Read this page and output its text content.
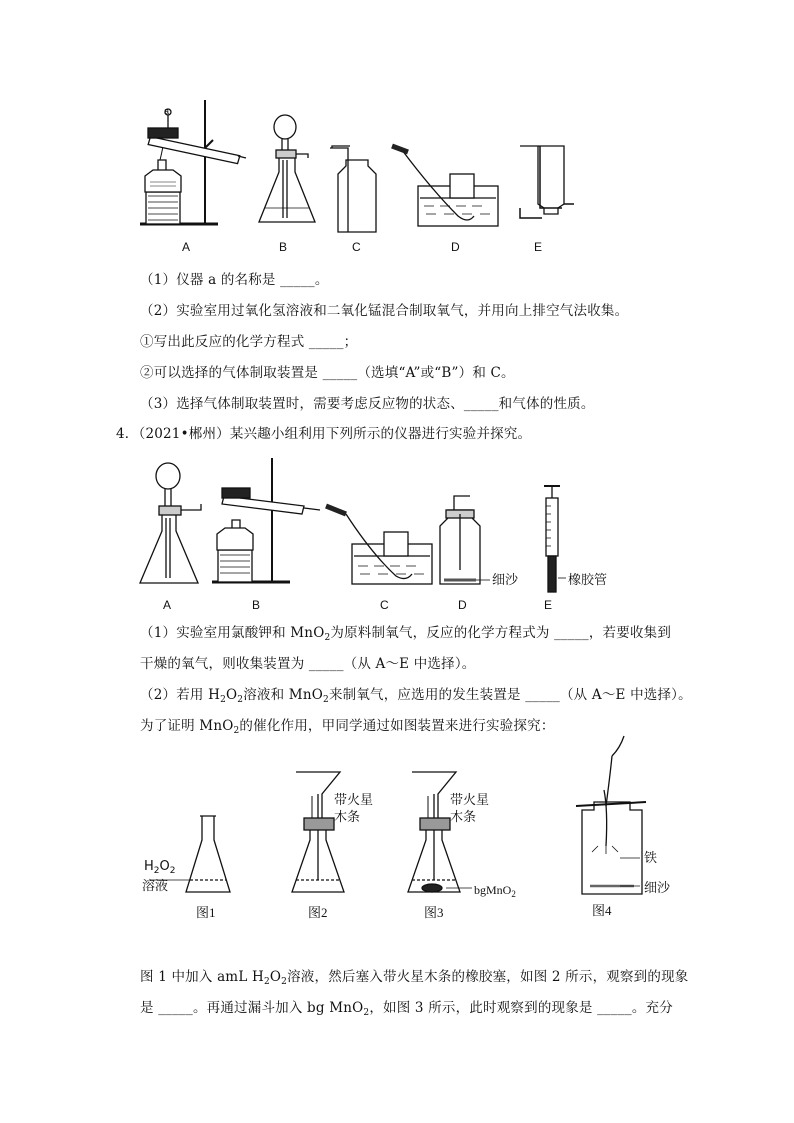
A	B	C	D	E
a
（1）仪器 a 的名称是 _____。
（2）实验室用过氧化氢溶液和二氧化锰混合制取氧气，并用向上排空气法收集。
①写出此反应的化学方程式 _____；
②可以选择的气体制取装置是 _____（选填“A”或“B”）和 C。
（3）选择气体制取装置时，需要考虑反应物的状态、_____和气体的性质。
4．（2021•郴州）某兴趣小组利用下列所示的仪器进行实验并探究。
细沙	橡胶管
A	B	C	D	E
（1）实验室用氯酸钾和 MnO$_2$为原料制氧气，反应的化学方程式为 _____，若要收集到
干燥的氧气，则收集装置为 _____（从 A～E 中选择）。
（2）若用 $H_2O_2$溶液和 MnO$_2$来制氧气，应选用的发生装置是 _____（从 A～E 中选择）。
为了证明 MnO$_2$的催化作用，甲同学通过如图装置来进行实验探究：
$H_2O_2$
溶液
带火星
木条
带火星
木条
bgMnO$_2$
铁
细沙
图1	图2	图3	图4
图 1 中加入 amL $H_2O_2$溶液，然后塞入带火星木条的橡胶塞，如图 2 所示，观察到的现象
是 _____。再通过漏斗加入 bg MnO$_2$，如图 3 所示，此时观察到的现象是 _____。充分
